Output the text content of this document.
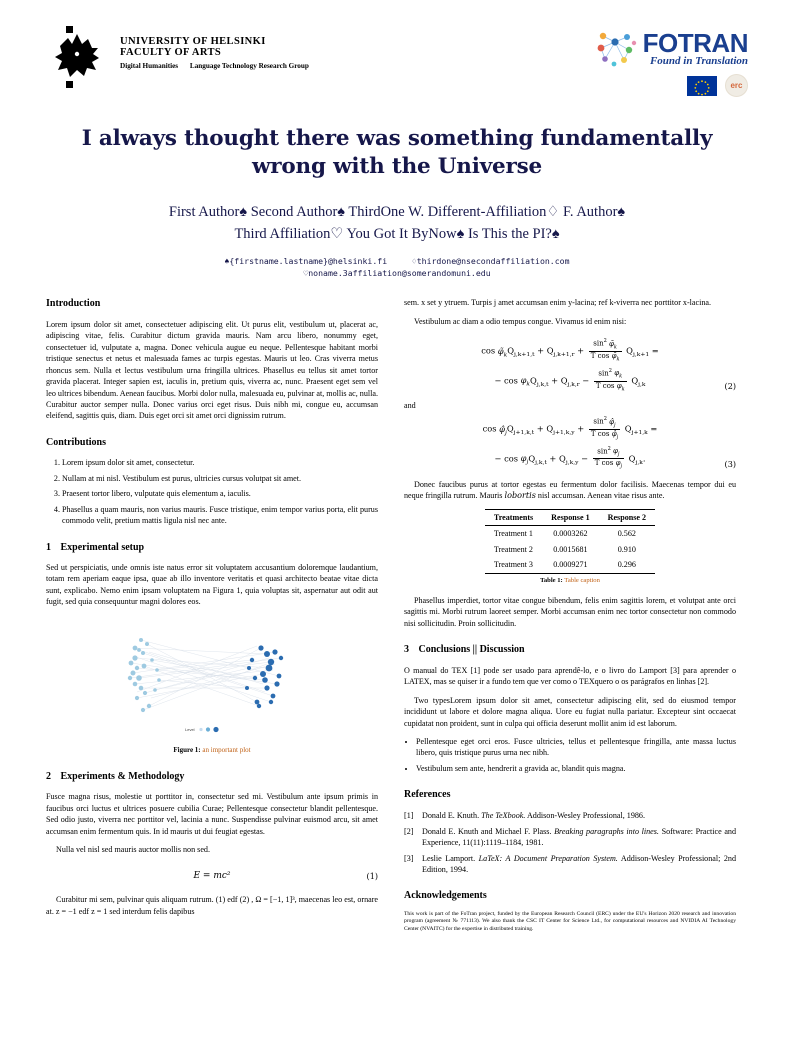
UNIVERSITY OF HELSINKI
FACULTY OF ARTS
Digital Humanities Language Technology Research Group
FOTRAN
Found in Translation
erc
I always thought there was something fundamentally wrong with the Universe
First Author♠ Second Author♠ ThirdOne W. Different-Affiliation♢ F. Author♠
Third Affiliation♡ You Got It ByNow♠ Is This the PI?♠
♠{firstname.lastname}@helsinki.fi	♢thirdone@nsecondaffiliation.com
♡noname.3affiliation@somerandomuni.edu
Introduction

Lorem ipsum dolor sit amet, consectetuer adipiscing elit. Ut purus elit, vestibulum ut, placerat ac, adipiscing vitae, felis. Curabitur dictum gravida mauris. Nam arcu libero, nonummy eget, consectetuer id, vulputate a, magna. Donec vehicula augue eu neque. Pellentesque habitant morbi tristique senectus et netus et malesuada fames ac turpis egestas. Mauris ut leo. Cras viverra metus rhoncus sem. Nulla et lectus vestibulum urna fringilla ultrices. Phasellus eu tellus sit amet tortor gravida placerat. Integer sapien est, iaculis in, pretium quis, viverra ac, nunc. Praesent eget sem vel leo ultrices bibendum. Aenean faucibus. Morbi dolor nulla, malesuada eu, pulvinar at, mollis ac, nulla. Curabitur auctor semper nulla. Donec varius orci eget risus. Duis nibh mi, congue eu, accumsan eleifend, sagittis quis, diam. Duis eget orci sit amet orci dignissim rutrum.

Contributions
1. Lorem ipsum dolor sit amet, consectetur.
2. Nullam at mi nisl. Vestibulum est purus, ultricies cursus volutpat sit amet.
3. Praesent tortor libero, vulputate quis elementum a, iaculis.
4. Phasellus a quam mauris, non varius mauris. Fusce tristique, enim tempor varius porta, elit purus commodo velit, pretium mattis ligula nisl nec ante.
1 Experimental setup

Sed ut perspiciatis, unde omnis iste natus error sit voluptatem accusantium doloremque laudantium, totam rem aperiam eaque ipsa, quae ab illo inventore veritatis et quasi architecto beatae vitae dicta sunt, explicabo. Nemo enim ipsam voluptatem na Figura 1, quia voluptas sit, aspernatur aut odit aut fugit, sed quia consequuntur magni dolores eos.

Level
Figure 1: an important plot
2 Experiments & Methodology

Fusce magna risus, molestie ut porttitor in, consectetur sed mi. Vestibulum ante ipsum primis in faucibus orci luctus et ultrices posuere cubilia Curae; Pellentesque consectetur blandit pellentesque. Sed odio justo, viverra nec porttitor vel, lacinia a nunc. Suspendisse pulvinar euismod arcu, sit amet accumsan enim fermentum quis. In id mauris ut dui feugiat egestas.

Nulla vel nisl sed mauris auctor mollis non sed.

E = mc²	(1)

Curabitur mi sem, pulvinar quis aliquam rutrum. (1) edf (2) , Ω = [−1, 1]³, maecenas leo est, ornare at. z = −1 edf z = 1 sed interdum felis dapibus

sem. x set y ytruem. Turpis j amet accumsan enim y-lacina; ref k-viverra nec porttitor x-lacina.

Vestibulum ac diam a odio tempus congue. Vivamus id enim nisi:

$\cos \varphĩ_kQ_{j,k+1,t} + Q_{j,k+1,r} + \frac{\sin^2 \varphĩ_k}{T \cos \varphĩ_k} Q_{j,k+1}$ =
− $\cos \varphi_kQ_{j,k,t} + Q_{j,k,r} - \frac{\sin^2 \varphi_k}{T \cos \varphi_k} Q_{j,k}$	(2)
and
$\cos \varphî_jQ_{j+1,k,t} + Q_{j+1,k,y} + \frac{\sin^2 \varphî_j}{T \cos \varphî_j} Q_{j+1,k}$ =
− $\cos \varphi_jQ_{j,k,t} + Q_{j,k,y} - \frac{\sin^2 \varphi_j}{T \cos \varphi_j} Q_{j,k}$.
(3)

Donec faucibus purus at tortor egestas eu fermentum dolor facilisis. Maecenas tempor dui eu neque fringilla rutrum. Mauris lobortis nisl accumsan. Aenean vitae risus ante.

Treatments	Response 1	Response 2
Treatment 1	0.0003262	0.562
Treatment 2	0.0015681	0.910
Treatment 3	0.0009271	0.296
Table 1: Table caption

Phasellus imperdiet, tortor vitae congue bibendum, felis enim sagittis lorem, et volutpat ante orci sagittis mi. Morbi rutrum laoreet semper. Morbi accumsan enim nec tortor consectetur non commodo nisi sollicitudin. Proin sollicitudin.

3 Conclusions || Discussion

O manual do TEX [1] pode ser usado para aprendê-lo, e o livro do Lamport [3] para aprender o LATEX, mas se quiser ir a fundo tem que ver como o TEXquero o os parágrafos en linhas [2].

Two typesLorem ipsum dolor sit amet, consectetur adipiscing elit, sed do eiusmod tempor incididunt ut labore et dolore magna aliqua. Uore eu fugiat nulla pariatur. Excepteur sint occaecat cupidatat non proident, sunt in culpa qui officia deserunt mollit anim id est laborum.

• Pellentesque eget orci eros. Fusce ultricies, tellus et pellentesque fringilla, ante massa luctus libero, quis tristique purus urna nec nibh.
• Vestibulum sem ante, hendrerit a gravida ac, blandit quis magna.
References
[1]	Donald E. Knuth. The TeXbook. Addison-Wesley Professional, 1986.
[2]	Donald E. Knuth and Michael F. Plass. Breaking paragraphs into lines. Software: Practice and Experience, 11(11):1119–1184, 1981.
[3]	Leslie Lamport. LaTeX: A Document Preparation System. Addison-Wesley Professional; 2nd Edition, 1994.
Acknowledgements
This work is part of the FoTran project, funded by the European Research Council (ERC) under the EU's Horizon 2020 research and innovation program (agreement № 771113). We also thank the CSC IT Center for Science Ltd., for computational resources and NVIDIA AI Technology Center (NVAITC) for the expertise in distributed training.
